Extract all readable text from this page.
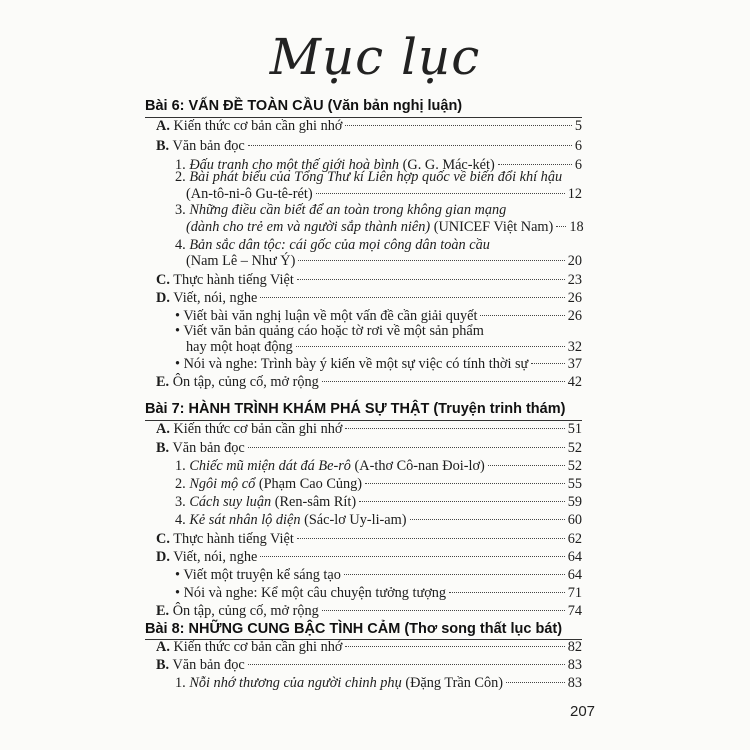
Mục lục
Bài 6: VẤN ĐỀ TOÀN CẦU (Văn bản nghị luận)
A. Kiến thức cơ bản cần ghi nhớ	5
B. Văn bản đọc	6
1. Đấu tranh cho một thế giới hoà bình (G. G. Mác-két)	6
2. Bài phát biểu của Tổng Thư kí Liên hợp quốc về biến đổi khí hậu
(An-tô-ni-ô Gu-tê-rét)	12
3. Những điều cần biết để an toàn trong không gian mạng
(dành cho trẻ em và người sắp thành niên) (UNICEF Việt Nam) 18
4. Bản sắc dân tộc: cái gốc của mọi công dân toàn cầu
(Nam Lê – Như Ý)	20
C. Thực hành tiếng Việt	23
D. Viết, nói, nghe	26
• Viết bài văn nghị luận về một vấn đề cần giải quyết	26
• Viết văn bản quảng cáo hoặc tờ rơi về một sản phẩm
hay một hoạt động	32
• Nói và nghe: Trình bày ý kiến về một sự việc có tính thời sự	37
E. Ôn tập, củng cố, mở rộng	42
Bài 7: HÀNH TRÌNH KHÁM PHÁ SỰ THẬT (Truyện trinh thám)
A. Kiến thức cơ bản cần ghi nhớ	51
B. Văn bản đọc	52
1. Chiếc mũ miện dát đá Be-rô (A-thơ Cô-nan Đoi-lơ)	52
2. Ngôi mộ cổ (Phạm Cao Củng)	55
3. Cách suy luận (Ren-sâm Rít)	59
4. Kẻ sát nhân lộ diện (Sác-lơ Uy-li-am)	60
C. Thực hành tiếng Việt	62
D. Viết, nói, nghe	64
• Viết một truyện kể sáng tạo	64
• Nói và nghe: Kể một câu chuyện tưởng tượng	71
E. Ôn tập, củng cố, mở rộng	74
Bài 8: NHỮNG CUNG BẬC TÌNH CẢM (Thơ song thất lục bát)
A. Kiến thức cơ bản cần ghi nhớ	82
B. Văn bản đọc	83
1. Nỗi nhớ thương của người chinh phụ (Đặng Trần Côn)	83
207
